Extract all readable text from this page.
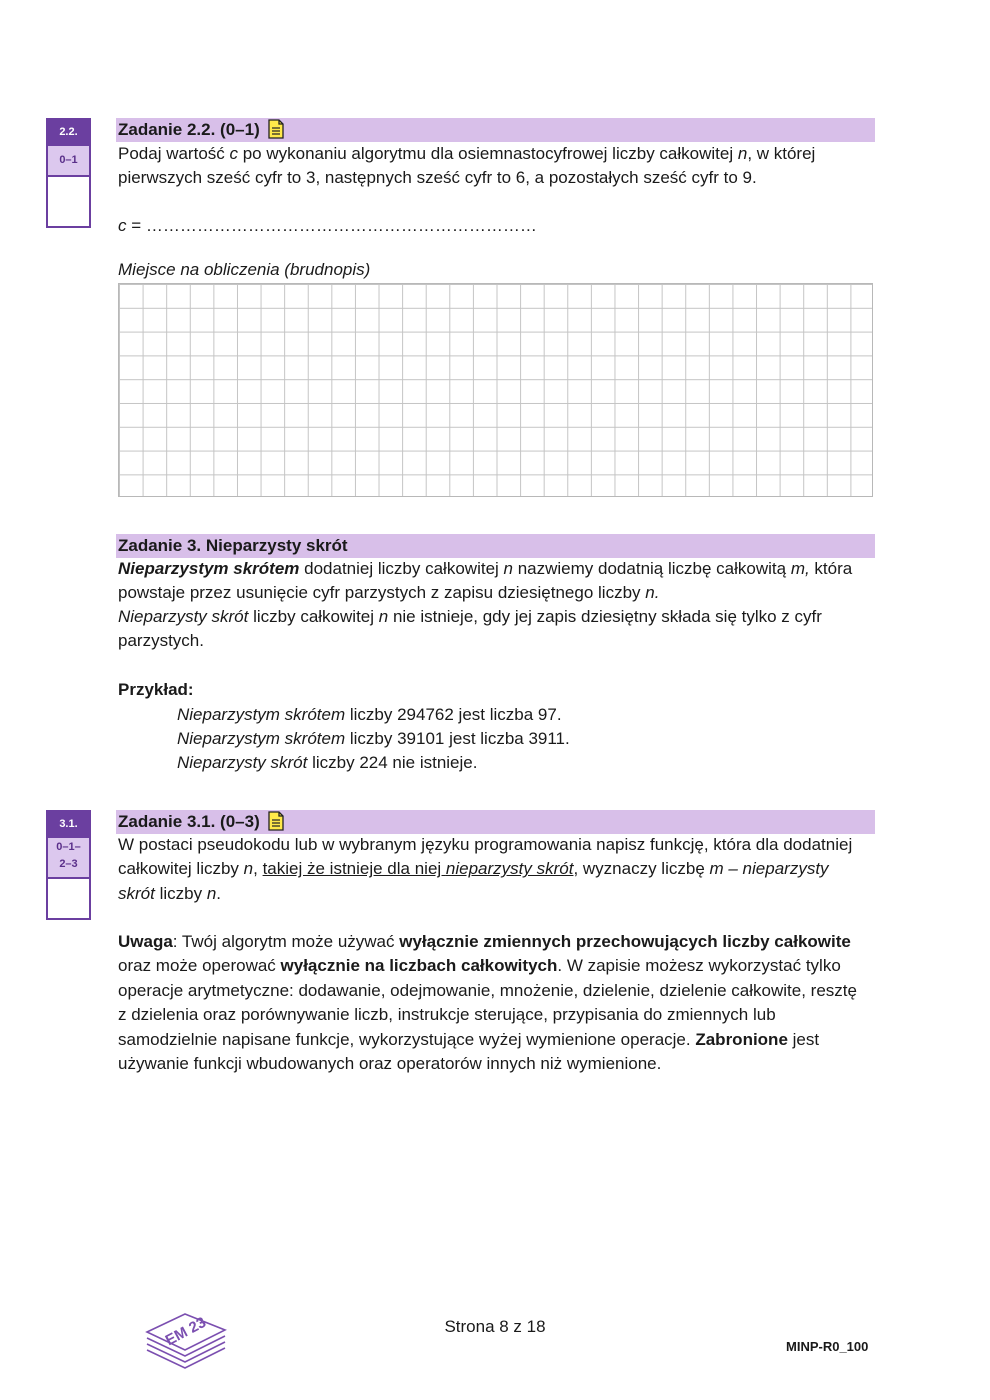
2.2.
0–1
Zadanie 2.2. (0–1)

Podaj wartość c po wykonaniu algorytmu dla osiemnastocyfrowej liczby całkowitej n, w której pierwszych sześć cyfr to 3, następnych sześć cyfr to 6, a pozostałych sześć cyfr to 9.

c = ……………………………………………………………

Miejsce na obliczenia (brudnopis)

Zadanie 3. Nieparzysty skrót

Nieparzystym skrótem dodatniej liczby całkowitej n nazwiemy dodatnią liczbę całkowitą m, która powstaje przez usunięcie cyfr parzystych z zapisu dziesiętnego liczby n.

Nieparzysty skrót liczby całkowitej n nie istnieje, gdy jej zapis dziesiętny składa się tylko z cyfr parzystych.

Przykład:

Nieparzystym skrótem liczby 294762 jest liczba 97.
Nieparzystym skrótem liczby 39101 jest liczba 3911.
Nieparzysty skrót liczby 224 nie istnieje.
3.1.
0–1–
2–3
Zadanie 3.1. (0–3)

W postaci pseudokodu lub w wybranym języku programowania napisz funkcję, która dla dodatniej całkowitej liczby n, takiej że istnieje dla niej nieparzysty skrót, wyznaczy liczbę m – nieparzysty skrót liczby n.

Uwaga: Twój algorytm może używać wyłącznie zmiennych przechowujących liczby całkowite oraz może operować wyłącznie na liczbach całkowitych. W zapisie możesz wykorzystać tylko operacje arytmetyczne: dodawanie, odejmowanie, mnożenie, dzielenie, dzielenie całkowite, resztę z dzielenia oraz porównywanie liczb, instrukcje sterujące, przypisania do zmiennych lub samodzielnie napisane funkcje, wykorzystujące wyżej wymienione operacje. Zabronione jest używanie funkcji wbudowanych oraz operatorów innych niż wymienione.

EM 23	Strona 8 z 18
MINP-R0_100
